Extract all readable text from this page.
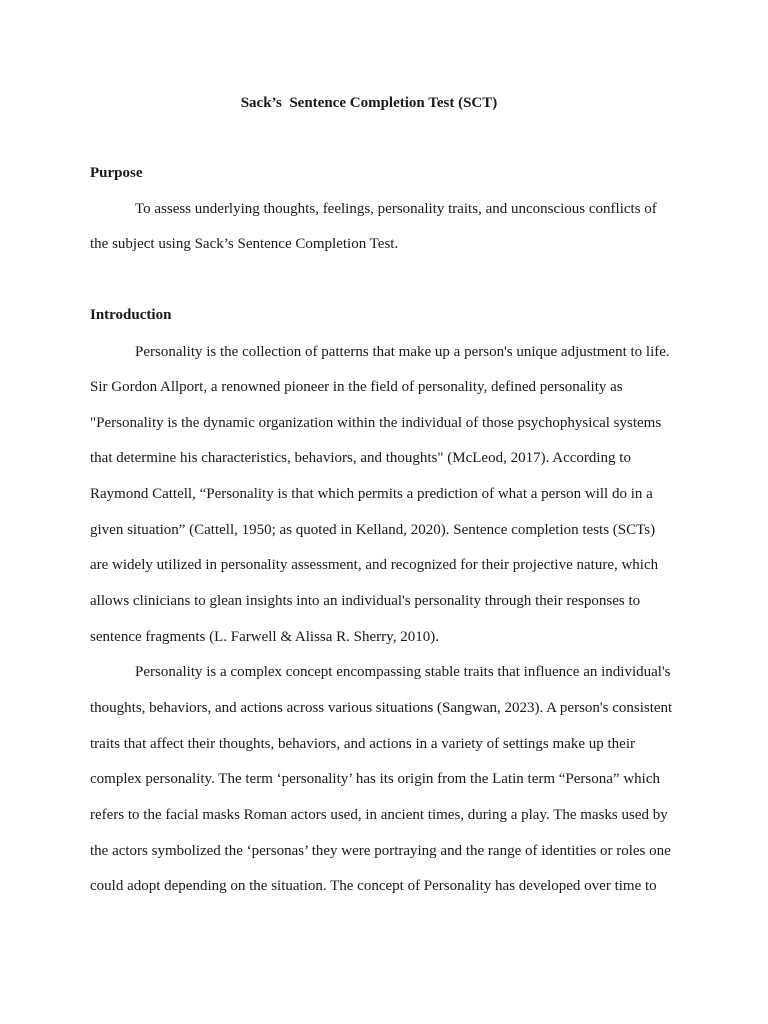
Sack’s  Sentence Completion Test (SCT)
Purpose
To assess underlying thoughts, feelings, personality traits, and unconscious conflicts of
the subject using Sack’s Sentence Completion Test.
Introduction
Personality is the collection of patterns that make up a person's unique adjustment to life.
Sir Gordon Allport, a renowned pioneer in the field of personality, defined personality as
"Personality is the dynamic organization within the individual of those psychophysical systems
that determine his characteristics, behaviors, and thoughts" (McLeod, 2017). According to
Raymond Cattell, “Personality is that which permits a prediction of what a person will do in a
given situation” (Cattell, 1950; as quoted in Kelland, 2020). Sentence completion tests (SCTs)
are widely utilized in personality assessment, and recognized for their projective nature, which
allows clinicians to glean insights into an individual's personality through their responses to
sentence fragments (L. Farwell & Alissa R. Sherry, 2010).
Personality is a complex concept encompassing stable traits that influence an individual's
thoughts, behaviors, and actions across various situations (Sangwan, 2023). A person's consistent
traits that affect their thoughts, behaviors, and actions in a variety of settings make up their
complex personality. The term ‘personality’ has its origin from the Latin term “Persona” which
refers to the facial masks Roman actors used, in ancient times, during a play. The masks used by
the actors symbolized the ‘personas’ they were portraying and the range of identities or roles one
could adopt depending on the situation. The concept of Personality has developed over time to
